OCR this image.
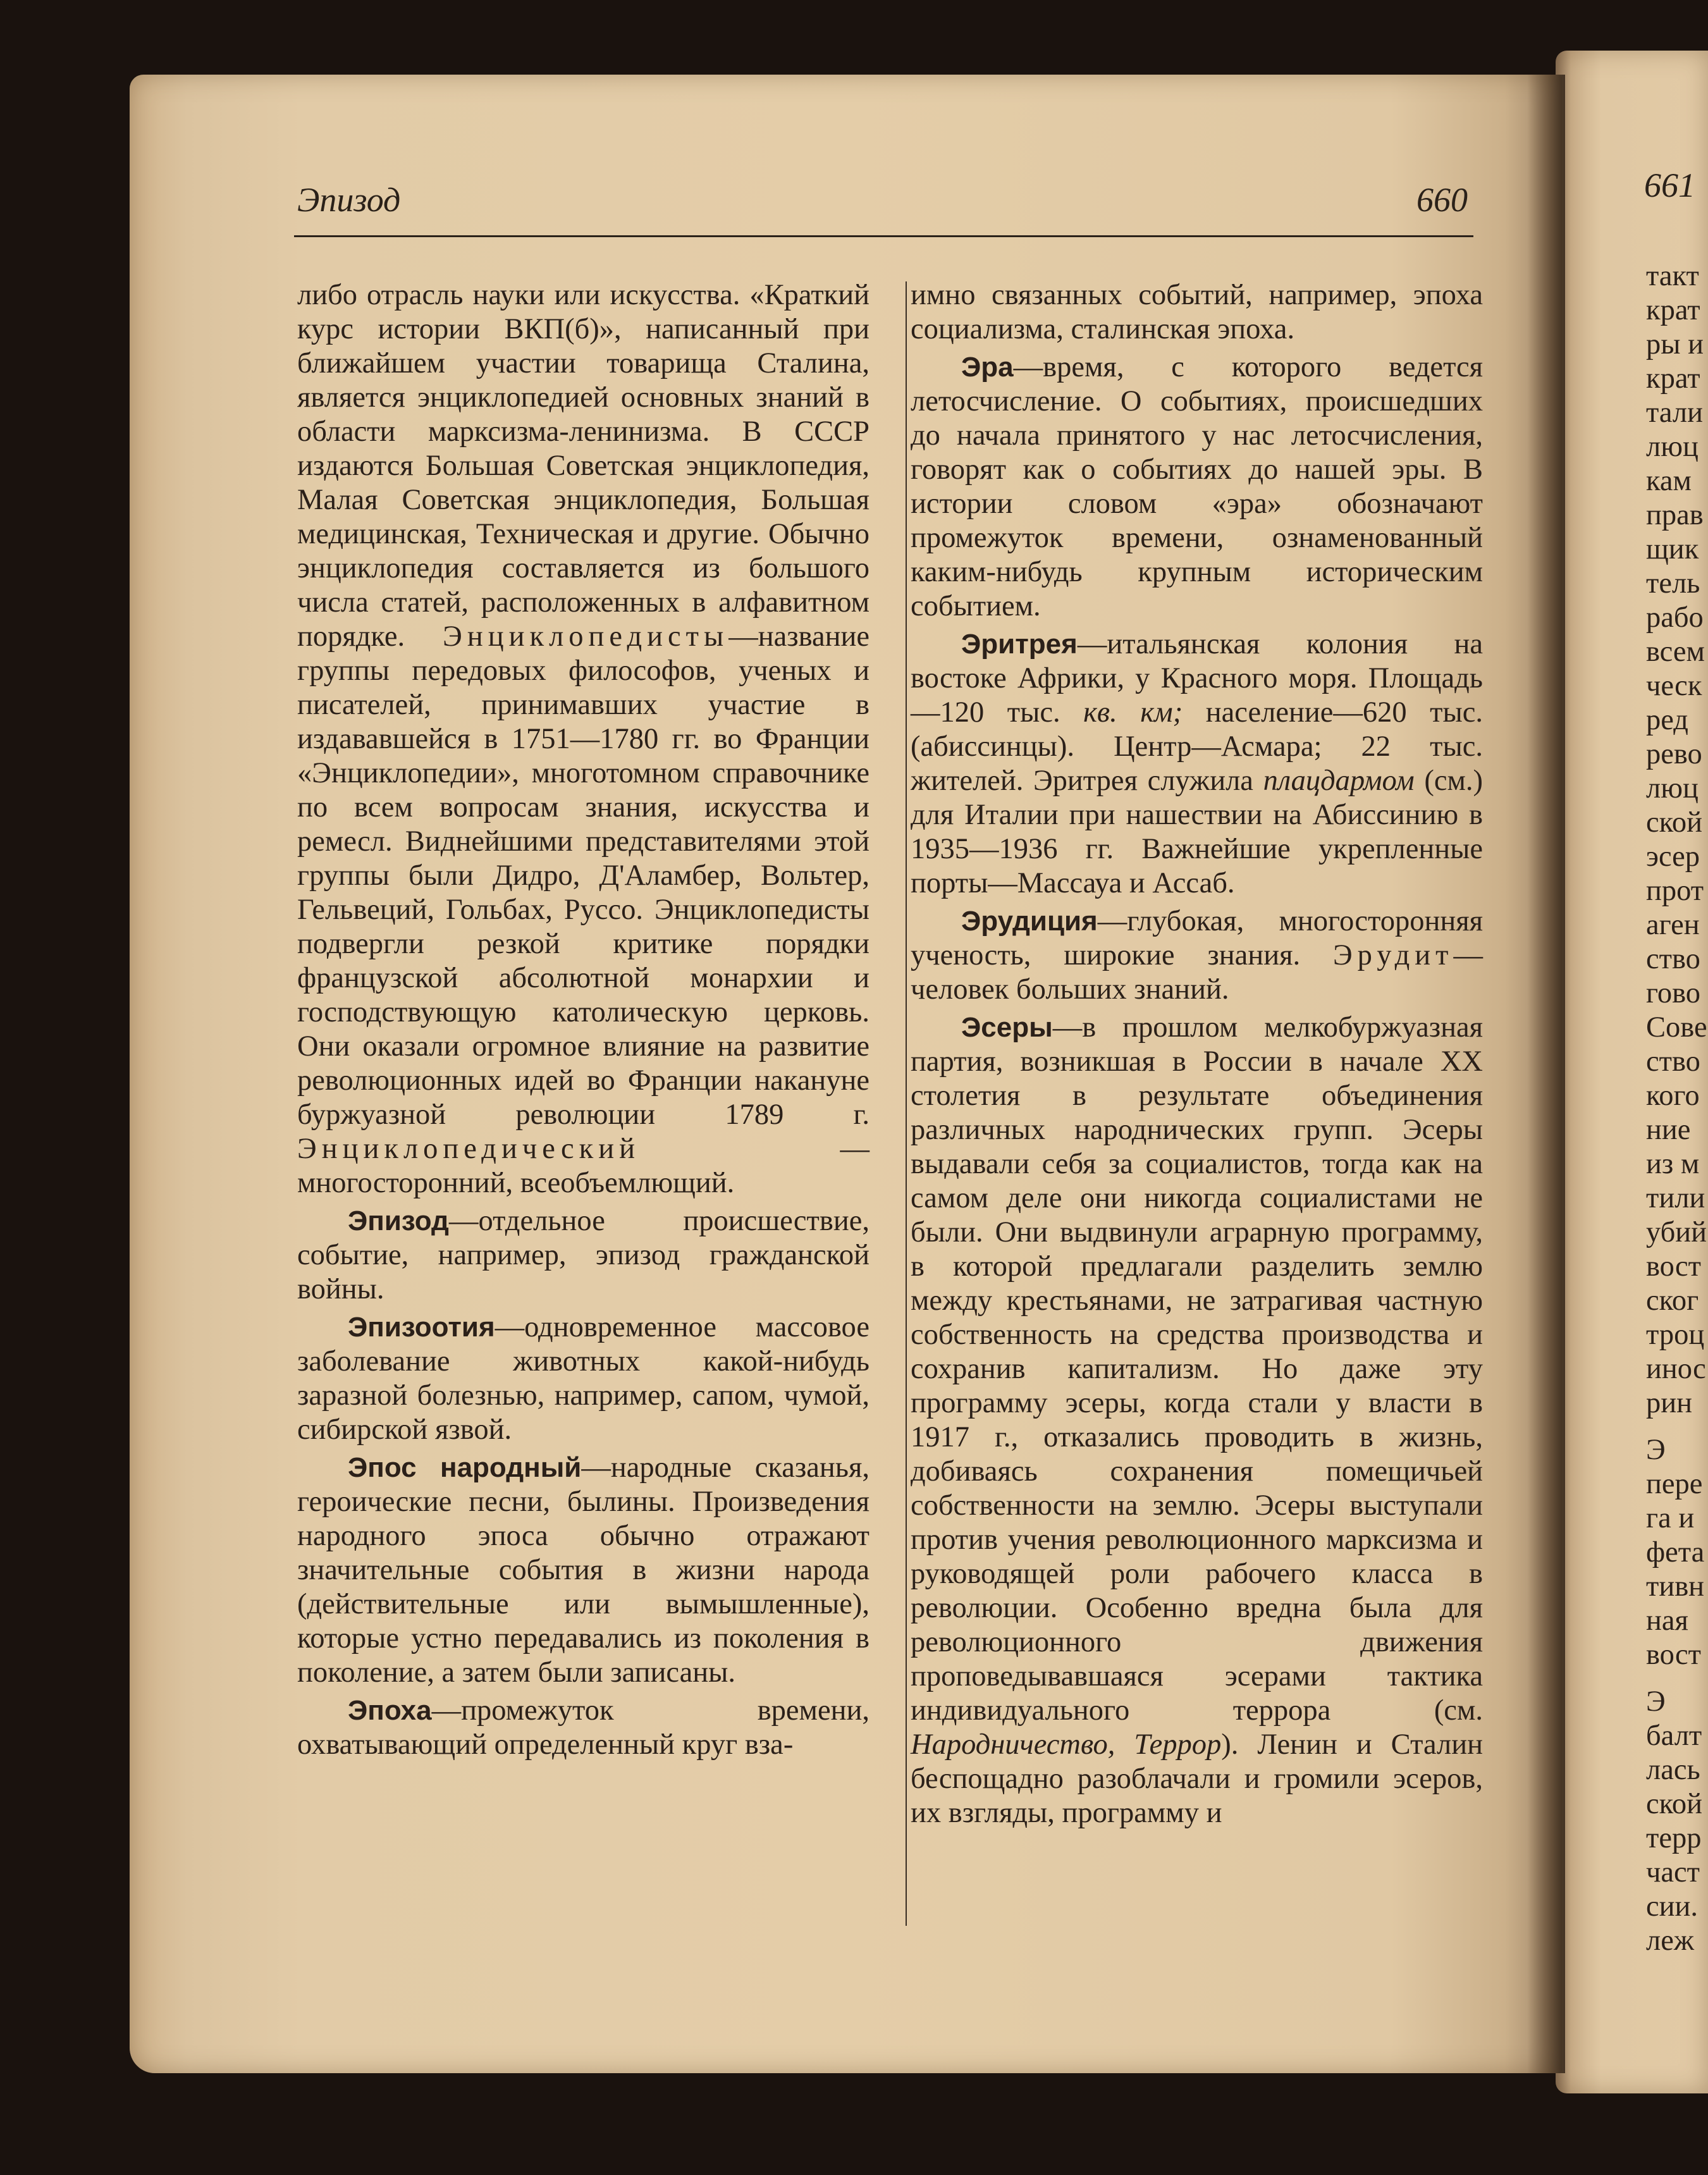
Эпизод	660	661

либо отрасль науки или искусства. «Краткий курс истории ВКП(б)», написанный при ближайшем участии товарища Сталина, является энциклопедией основных знаний в области марксизма-ленинизма. В СССР издаются Большая Советская энциклопедия, Малая Советская энциклопедия, Большая медицинская, Техническая и другие. Обычно энциклопедия составляется из большого числа статей, расположенных в алфавитном порядке. Энциклопедисты—название группы передовых философов, ученых и писателей, принимавших участие в издававшейся в 1751—1780 гг. во Франции «Энциклопедии», многотомном справочнике по всем вопросам знания, искусства и ремесл. Виднейшими представителями этой группы были Дидро, Д'Аламбер, Вольтер, Гельвеций, Гольбах, Руссо. Энциклопедисты подвергли резкой критике порядки французской абсолютной монархии и господствующую католическую церковь. Они оказали огромное влияние на развитие революционных идей во Франции накануне буржуазной революции 1789 г. Энциклопедический	— многосторонний, всеобъемлющий.

Эпизод—отдельное происшествие, событие, например, эпизод гражданской войны.

Эпизоотия—одновременное массовое заболевание животных какой-нибудь заразной болезнью, например, сапом, чумой, сибирской язвой.

Эпос народный—народные сказанья, героические песни, былины. Произведения народного эпоса обычно отражают значительные события в жизни народа (действительные или вымышленные), которые устно передавались из поколения в поколение, а затем были записаны.

Эпоха—промежуток времени, охватывающий определенный круг вза-

имно связанных событий, например, эпоха социализма, сталинская эпоха.

Эра—время, с которого ведется летосчисление. О событиях, происшедших до начала принятого у нас летосчисления, говорят как о событиях до нашей эры. В истории словом «эра» обозначают промежуток времени, ознаменованный каким-нибудь крупным историческим событием.

Эритрея—итальянская колония на востоке Африки, у Красного моря. Площадь—120 тыс. кв. км; население—620 тыс. (абиссинцы). Центр—Асмара; 22 тыс. жителей. Эритрея служила плацдармом (см.) для Италии при нашествии на Абиссинию в 1935—1936 гг. Важнейшие укрепленные порты—Массауа и Ассаб.

Эрудиция—глубокая, многосторонняя ученость, широкие знания. Эрудит—человек больших знаний.

Эсеры—в прошлом мелкобуржуазная партия, возникшая в России в начале XX столетия в результате объединения различных народнических групп. Эсеры выдавали себя за социалистов, тогда как на самом деле они никогда социалистами не были. Они выдвинули аграрную программу, в которой предлагали разделить землю между крестьянами, не затрагивая частную собственность на средства производства и сохранив капитализм. Но даже эту программу эсеры, когда стали у власти в 1917 г., отказались проводить в жизнь, добиваясь сохранения помещичьей собственности на землю. Эсеры выступали против учения революционного марксизма и руководящей роли рабочего класса в революции. Особенно вредна была для революционного движения проповедывавшаяся эсерами тактика индивидуального террора (см. Народничество, Террор). Ленин и Сталин беспощадно разоблачали и громили эсеров, их взгляды, программу и

такт
крат
ры и
крат
тали
люц
кам
прав
щик
тель
рабо
всем
ческ
ред
рево
люц
ской
эсер
прот
аген
ство
гово
Сове
ство
кого
ние
из м
тили
убий
вост
ског
троц
инос
рин
Э
пере
га и
фета
тивн
ная
вост
Э
балт
лась
ской
терр
част
сии.
леж
